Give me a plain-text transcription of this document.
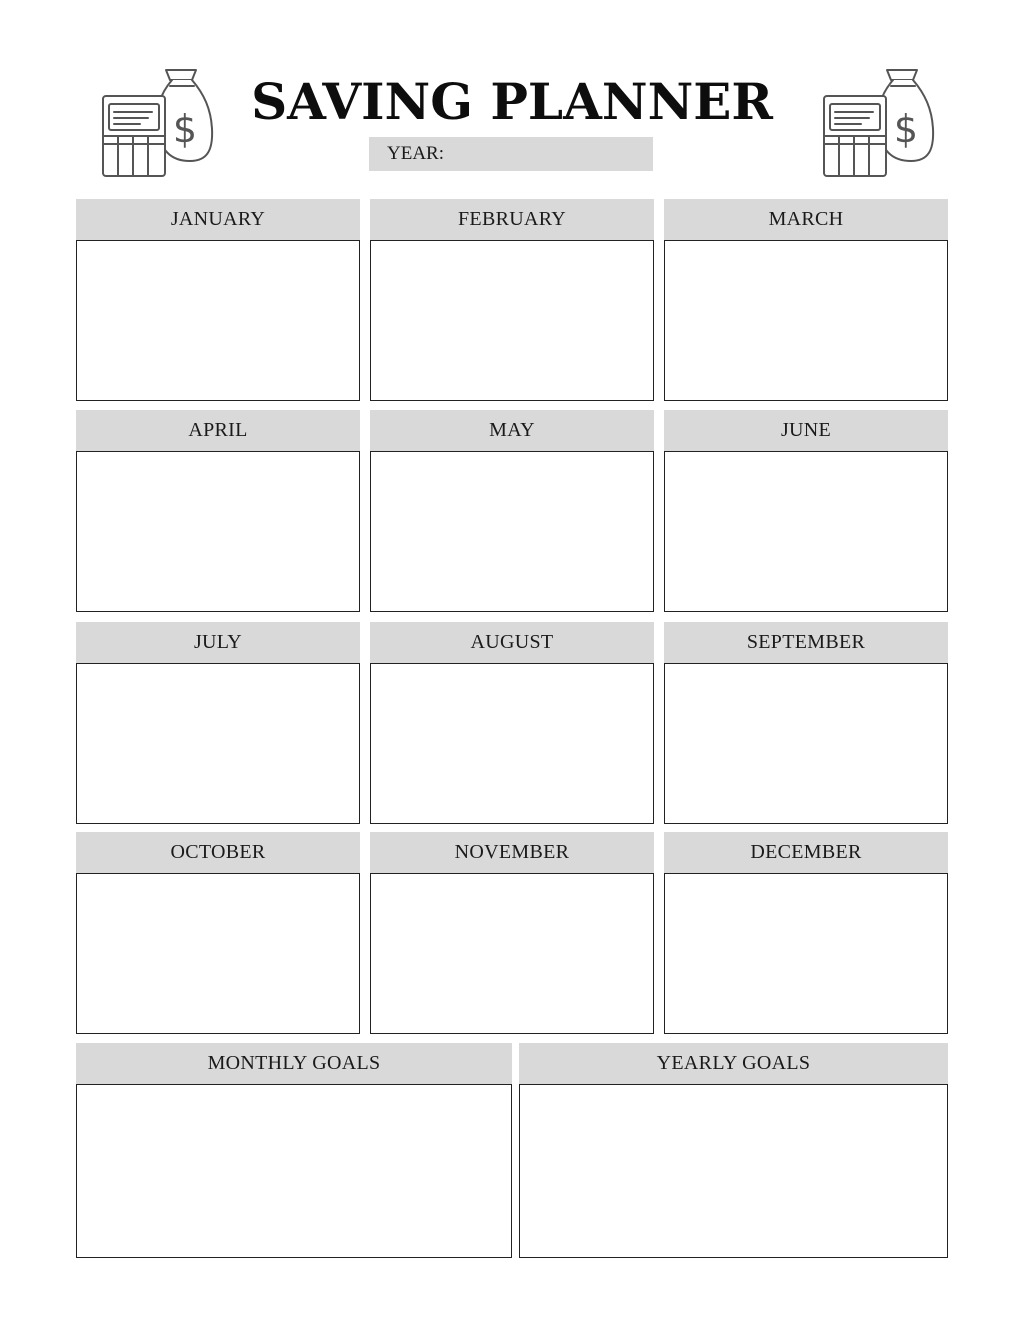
SAVING PLANNER
YEAR:
$	$
JANUARY	FEBRUARY	MARCH
APRIL	MAY	JUNE
JULY	AUGUST	SEPTEMBER
OCTOBER	NOVEMBER	DECEMBER
MONTHLY GOALS	YEARLY GOALS
